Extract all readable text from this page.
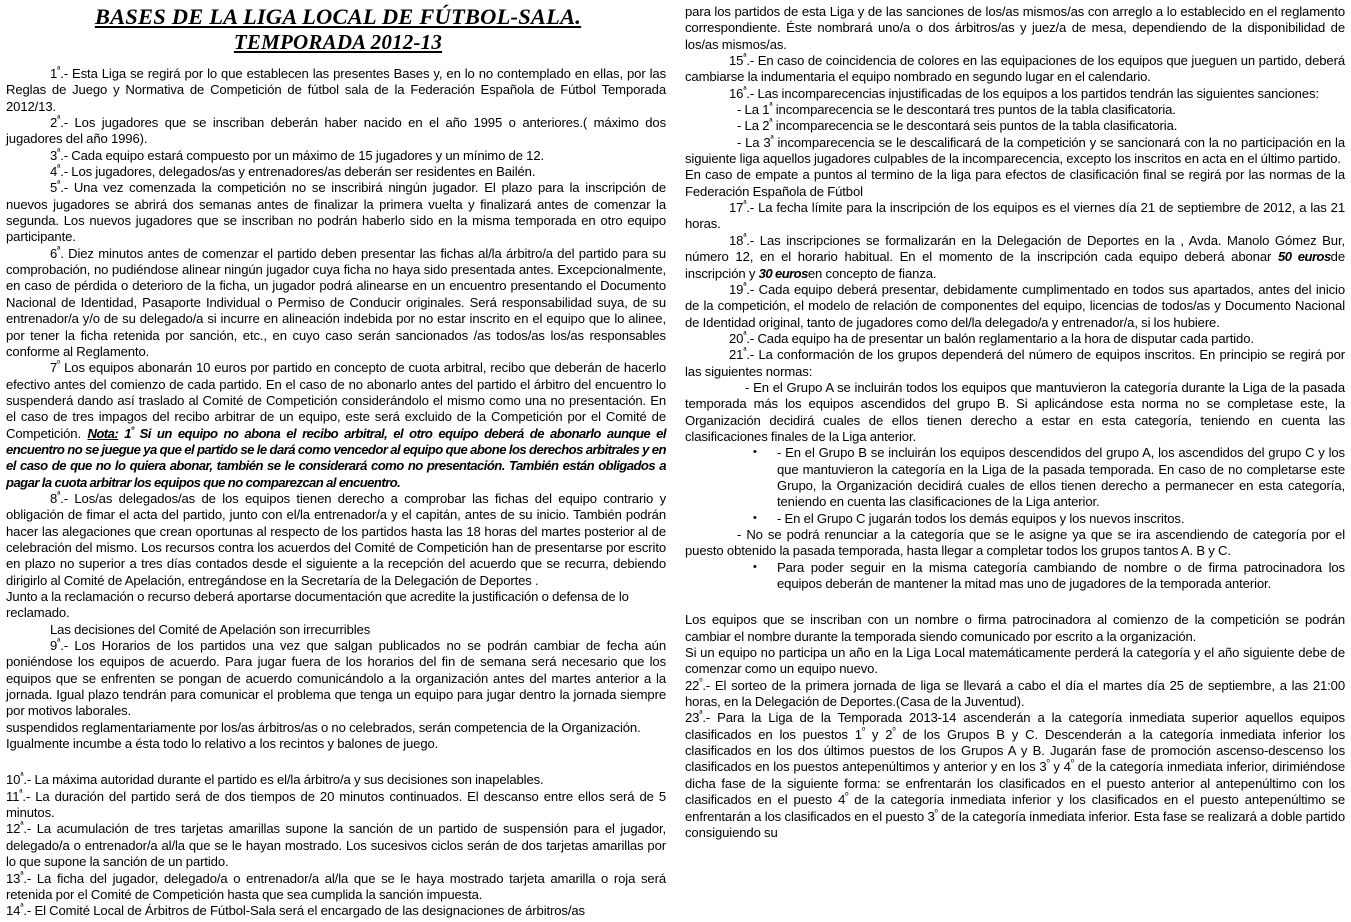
BASES DE LA LIGA LOCAL DE FÚTBOL-SALA.
TEMPORADA 2012-13

$1^ª.-$ Esta Liga se regirá por lo que establecen las presentes Bases y, en lo no contemplado en ellas, por las Reglas de Juego y Normativa de Competición de fútbol sala de la Federación Española de Fútbol Temporada 2012/13.

$2^ª.-$ Los jugadores que se inscriban deberán haber nacido en el año 1995 o anteriores.( máximo dos jugadores del año 1996).

$3^ª.-$ Cada equipo estará compuesto por un máximo de 15 jugadores y un mínimo de 12.

$4^ª.-$ Los jugadores, delegados/as y entrenadores/as deberán ser residentes en Bailén.

$5^ª.-$ Una vez comenzada la competición no se inscribirá ningún jugador. El plazo para la inscripción de nuevos jugadores se abrirá dos semanas antes de finalizar la primera vuelta y finalizará antes de comenzar la segunda. Los nuevos jugadores que se inscriban no podrán haberlo sido en la misma temporada en otro equipo participante.

$6^ª$. Diez minutos antes de comenzar el partido deben presentar las fichas al/la árbitro/a del partido para su comprobación, no pudiéndose alinear ningún jugador cuya ficha no haya sido presentada antes. Excepcionalmente, en caso de pérdida o deterioro de la ficha, un jugador podrá alinearse en un encuentro presentando el Documento Nacional de Identidad, Pasaporte Individual o Permiso de Conducir originales. Será responsabilidad suya, de su entrenador/a y/o de su delegado/a si incurre en alineación indebida por no estar inscrito en el equipo que lo alinee, por tener la ficha retenida por sanción, etc., en cuyo caso serán sancionados /as todos/as los/as responsables conforme al Reglamento.

$7^º$ Los equipos abonarán 10 euros por partido en concepto de cuota arbitral, recibo que deberán de hacerlo efectivo antes del comienzo de cada partido. En el caso de no abonarlo antes del partido el árbitro del encuentro lo suspenderá dando así traslado al Comité de Competición considerándolo el mismo como una no presentación. En el caso de tres impagos del recibo arbitrar de un equipo, este será excluido de la Competición por el Comité de Competición. Nota: $1^º$ Si un equipo no abona el recibo arbitral, el otro equipo deberá de abonarlo aunque el encuentro no se juegue ya que el partido se le dará como vencedor al equipo que abone los derechos arbitrales y en el caso de que no lo quiera abonar, también se le considerará como no presentación. También están obligados a pagar la cuota arbitrar los equipos que no comparezcan al encuentro.

$8^ª.-$ Los/as delegados/as de los equipos tienen derecho a comprobar las fichas del equipo contrario y obligación de fimar el acta del partido, junto con el/la entrenador/a y el capitán, antes de su inicio. También podrán hacer las alegaciones que crean oportunas al respecto de los partidos hasta las 18 horas del martes posterior al de celebración del mismo. Los recursos contra los acuerdos del Comité de Competición han de presentarse por escrito en plazo no superior a tres días contados desde el siguiente a la recepción del acuerdo que se recurra, debiendo dirigirlo al Comité de Apelación, entregándose en la Secretaría de la Delegación de Deportes .

Junto a la reclamación o recurso deberá aportarse documentación que acredite la justificación o defensa de lo reclamado.

Las decisiones del Comité de Apelación son irrecurribles

$9^ª.-$ Los Horarios de los partidos una vez que salgan publicados no se podrán cambiar de fecha aún poniéndose los equipos de acuerdo. Para jugar fuera de los horarios del fin de semana será necesario que los equipos que se enfrenten se pongan de acuerdo comunicándolo a la organización antes del martes anterior a la jornada. Igual plazo tendrán para comunicar el problema que tenga un equipo para jugar dentro la jornada siempre por motivos laborales.

suspendidos reglamentariamente por los/as árbitros/as o no celebrados, serán competencia de la Organización. Igualmente incumbe a ésta todo lo relativo a los recintos y balones de juego.

$10^ª.-$ La máxima autoridad durante el partido es el/la árbitro/a y sus decisiones son inapelables.

$11^ª.-$ La duración del partido será de dos tiempos de 20 minutos continuados. El descanso entre ellos será de 5 minutos.

$12^ª.-$ La acumulación de tres tarjetas amarillas supone la sanción de un partido de suspensión para el jugador, delegado/a o entrenador/a al/la que se le hayan mostrado. Los sucesivos ciclos serán de dos tarjetas amarillas por lo que supone la sanción de un partido.

$13^ª.-$ La ficha del jugador, delegado/a o entrenador/a al/la que se le haya mostrado tarjeta amarilla o roja será retenida por el Comité de Competición hasta que sea cumplida la sanción impuesta.

$14^ª.-$ El Comité Local de Árbitros de Fútbol-Sala será el encargado de las designaciones de árbitros/as

para los partidos de esta Liga y de las sanciones de los/as mismos/as con arreglo a lo establecido en el reglamento correspondiente. Éste nombrará uno/a o dos árbitros/as y juez/a de mesa, dependiendo de la disponibilidad de los/as mismos/as.

$15^ª.-$ En caso de coincidencia de colores en las equipaciones de los equipos que jueguen un partido, deberá cambiarse la indumentaria el equipo nombrado en segundo lugar en el calendario.

$16^ª.-$ Las incomparecencias injustificadas de los equipos a los partidos tendrán las siguientes sanciones:

- La $1^ª$ incomparecencia se le descontará tres puntos de la tabla clasificatoria.

- La $2^ª$ incomparecencia se le descontará seis puntos de la tabla clasificatoria.

- La $3^ª$ incomparecencia se le descalificará de la competición y se sancionará con la no participación en la siguiente liga aquellos jugadores culpables de la incomparecencia, excepto los inscritos en acta en el último partido.

En caso de empate a puntos al termino de la liga para efectos de clasificación final se regirá por las normas de la Federación Española de Fútbol

$17^ª.-$ La fecha límite para la inscripción de los equipos es el viernes día 21 de septiembre de 2012, a las 21 horas.

$18^ª.-$ Las inscripciones se formalizarán en la Delegación de Deportes en la , Avda. Manolo Gómez Bur, número 12, en el horario habitual. En el momento de la inscripción cada equipo deberá abonar 50 eurosde inscripción y 30 eurosen concepto de fianza.

$19^ª.-$ Cada equipo deberá presentar, debidamente cumplimentado en todos sus apartados, antes del inicio de la competición, el modelo de relación de componentes del equipo, licencias de todos/as y Documento Nacional de Identidad original, tanto de jugadores como del/la delegado/a y entrenador/a, si los hubiere.

$20^ª.-$ Cada equipo ha de presentar un balón reglamentario a la hora de disputar cada partido.

$21^ª.-$ La conformación de los grupos dependerá del número de equipos inscritos. En principio se regirá por las siguientes normas:

- En el Grupo A se incluirán todos los equipos que mantuvieron la categoría durante la Liga de la pasada temporada más los equipos ascendidos del grupo B. Si aplicándose esta norma no se completase este, la Organización decidirá cuales de ellos tienen derecho a estar en esta categoría, teniendo en cuenta las clasificaciones finales de la Liga anterior.

• - En el Grupo B se incluirán los equipos descendidos del grupo A, los ascendidos del grupo C y los que mantuvieron la categoría en la Liga de la pasada temporada. En caso de no completarse este Grupo, la Organización decidirá cuales de ellos tienen derecho a permanecer en esta categoría, teniendo en cuenta las clasificaciones de la Liga anterior.
• - En el Grupo C jugarán todos los demás equipos y los nuevos inscritos.

- No se podrá renunciar a la categoría que se le asigne ya que se ira ascendiendo de categoría por el puesto obtenido la pasada temporada, hasta llegar a completar todos los grupos tantos A. B y C.

• Para poder seguir en la misma categoría cambiando de nombre o de firma patrocinadora los equipos deberán de mantener la mitad mas uno de jugadores de la temporada anterior.

Los equipos que se inscriban con un nombre o firma patrocinadora al comienzo de la competición se podrán cambiar el nombre durante la temporada siendo comunicado por escrito a la organización.

Si un equipo no participa un año en la Liga Local matemáticamente perderá la categoría y el año siguiente debe de comenzar como un equipo nuevo.

$22^º.-$ El sorteo de la primera jornada de liga se llevará a cabo el día el martes día 25 de septiembre, a las 21:00 horas, en la Delegación de Deportes.(Casa de la Juventud).

$23^ª.-$ Para la Liga de la Temporada 2013-14 ascenderán a la categoría inmediata superior aquellos equipos clasificados en los puestos $1^º$ y $2^º$ de los Grupos B y C. Descenderán a la categoría inmediata inferior los clasificados en los dos últimos puestos de los Grupos A y B. Jugarán fase de promoción ascenso-descenso los clasificados en los puestos antepenúltimos y anterior y en los $3^º$ y $4^º$ de la categoría inmediata inferior, dirimiéndose dicha fase de la siguiente forma: se enfrentarán los clasificados en el puesto anterior al antepenúltimo con los clasificados en el puesto $4^º$ de la categoría inmediata inferior y los clasificados en el puesto antepenúltimo se enfrentarán a los clasificados en el puesto $3^º$ de la categoría inmediata inferior. Esta fase se realizará a doble partido consiguiendo su
